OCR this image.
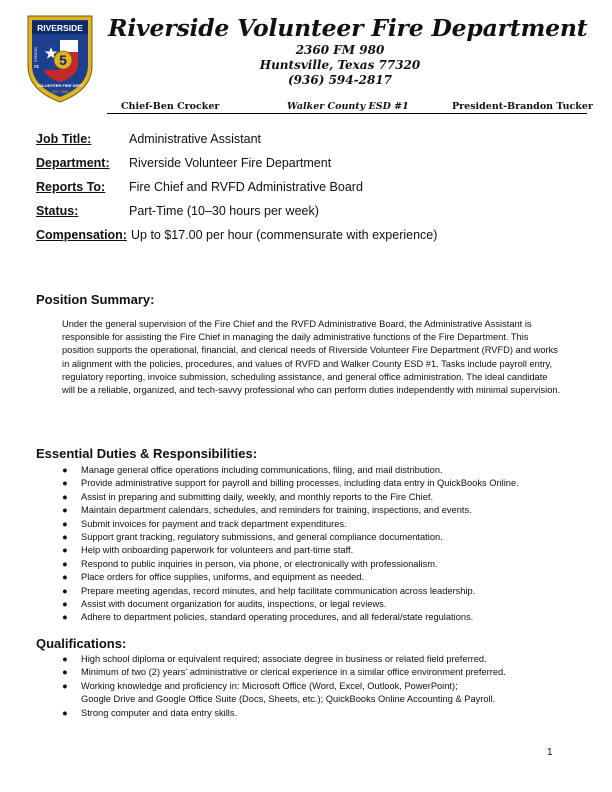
RIVERSIDE
5
STATION
#1
VOLUNTEER FIRE DEPT
EST. 1989
Riverside Volunteer Fire Department
2360 FM 980
Huntsville, Texas 77320
(936) 594-2817
Chief-Ben Crocker	Walker County ESD #1	President-Brandon Tucker
Job Title:	Administrative Assistant
Department: Riverside Volunteer Fire Department
Reports To: Fire Chief and RVFD Administrative Board
Status:	Part-Time (10–30 hours per week)
Compensation: Up to $17.00 per hour (commensurate with experience)
Position Summary:

Under the general supervision of the Fire Chief and the RVFD Administrative Board, the Administrative Assistant is responsible for assisting the Fire Chief in managing the daily administrative functions of the Fire Department. This position supports the operational, financial, and clerical needs of Riverside Volunteer Fire Department (RVFD) and works in alignment with the policies, procedures, and values of RVFD and Walker County ESD #1. Tasks include payroll entry, regulatory reporting, invoice submission, scheduling assistance, and general office administration. The ideal candidate will be a reliable, organized, and tech-savvy professional who can perform duties independently with minimal supervision.

Essential Duties & Responsibilities:
● Manage general office operations including communications, filing, and mail distribution.
● Provide administrative support for payroll and billing processes, including data entry in QuickBooks Online.
● Assist in preparing and submitting daily, weekly, and monthly reports to the Fire Chief.
● Maintain department calendars, schedules, and reminders for training, inspections, and events.
● Submit invoices for payment and track department expenditures.
● Support grant tracking, regulatory submissions, and general compliance documentation.
● Help with onboarding paperwork for volunteers and part-time staff.
● Respond to public inquiries in person, via phone, or electronically with professionalism.
● Place orders for office supplies, uniforms, and equipment as needed.
● Prepare meeting agendas, record minutes, and help facilitate communication across leadership.
● Assist with document organization for audits, inspections, or legal reviews.
● Adhere to department policies, standard operating procedures, and all federal/state regulations.
Qualifications:
● High school diploma or equivalent required; associate degree in business or related field preferred.
● Minimum of two (2) years' administrative or clerical experience in a similar office environment preferred.
● Working knowledge and proficiency in: Microsoft Office (Word, Excel, Outlook, PowerPoint);
Google Drive and Google Office Suite (Docs, Sheets, etc.); QuickBooks Online Accounting & Payroll.
● Strong computer and data entry skills.
1
